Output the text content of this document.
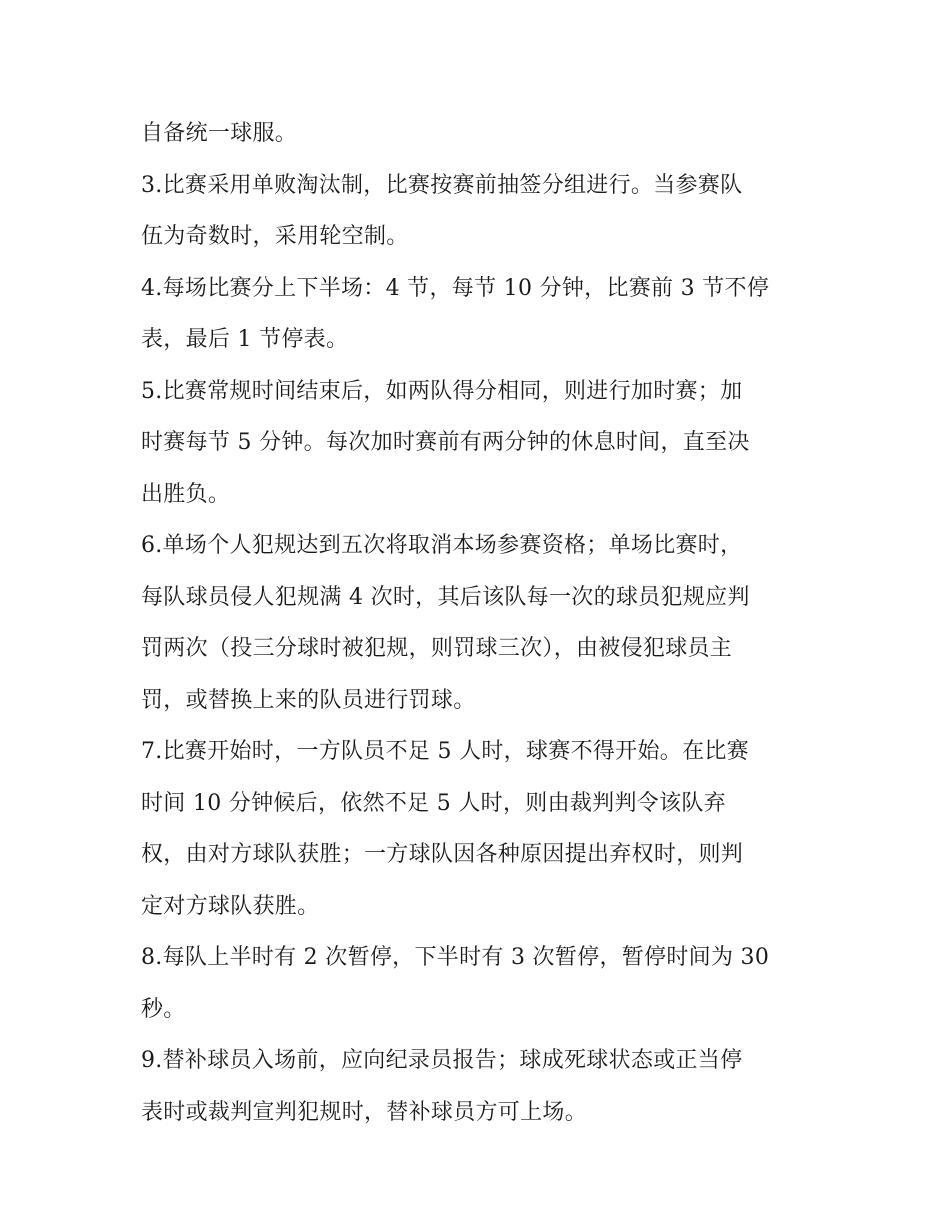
自备统一球服。
3.比赛采用单败淘汰制，比赛按赛前抽签分组进行。当参赛队
伍为奇数时，采用轮空制。
4.每场比赛分上下半场：4 节，每节 10 分钟，比赛前 3 节不停
表，最后 1 节停表。
5.比赛常规时间结束后，如两队得分相同，则进行加时赛；加
时赛每节 5 分钟。每次加时赛前有两分钟的休息时间，直至决
出胜负。
6.单场个人犯规达到五次将取消本场参赛资格；单场比赛时，
每队球员侵人犯规满 4 次时，其后该队每一次的球员犯规应判
罚两次（投三分球时被犯规，则罚球三次），由被侵犯球员主
罚，或替换上来的队员进行罚球。
7.比赛开始时，一方队员不足 5 人时，球赛不得开始。在比赛
时间 10 分钟候后，依然不足 5 人时，则由裁判判令该队弃
权，由对方球队获胜；一方球队因各种原因提出弃权时，则判
定对方球队获胜。
8.每队上半时有 2 次暂停，下半时有 3 次暂停，暂停时间为 30
秒。
9.替补球员入场前，应向纪录员报告；球成死球状态或正当停
表时或裁判宣判犯规时，替补球员方可上场。
